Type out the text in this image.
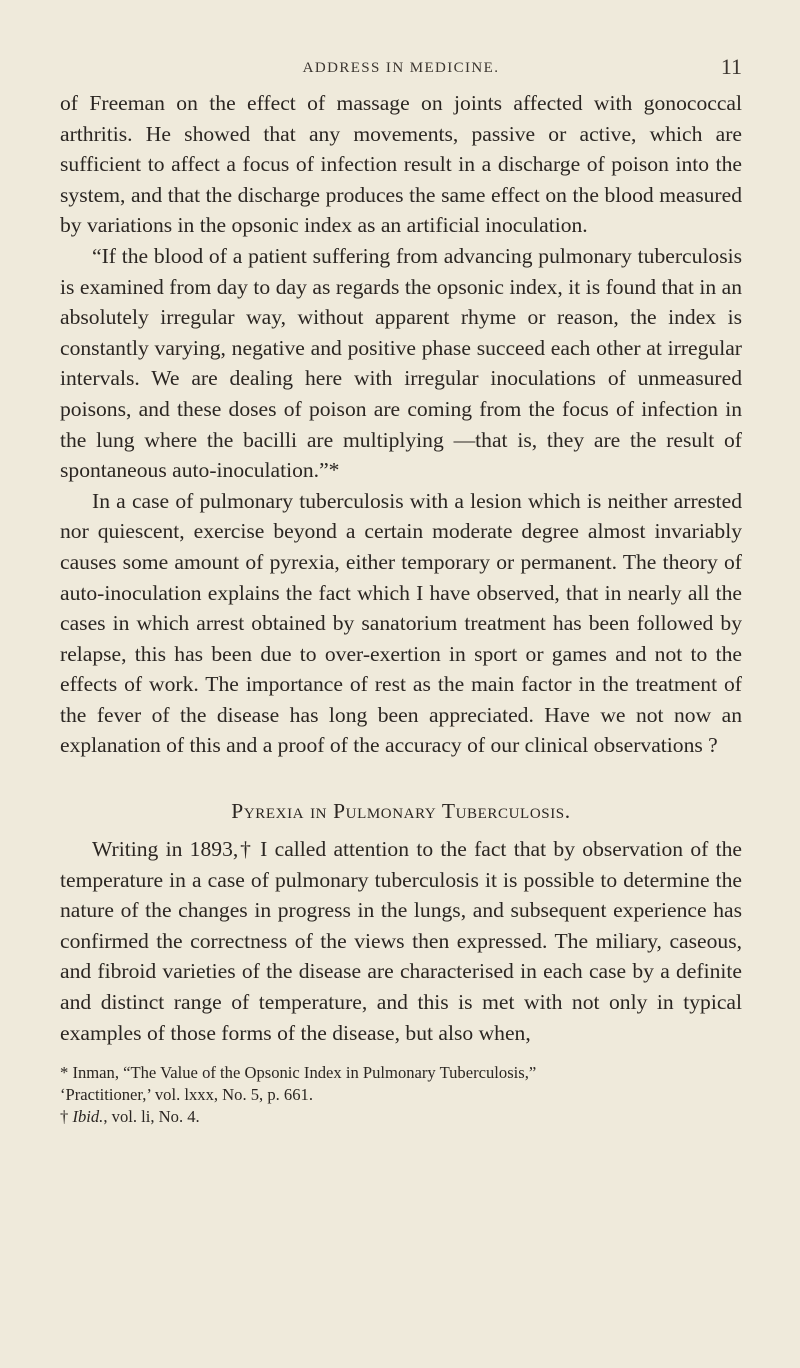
ADDRESS IN MEDICINE.	11

of Freeman on the effect of massage on joints affected with gonococcal arthritis. He showed that any movements, passive or active, which are sufficient to affect a focus of infection result in a discharge of poison into the system, and that the discharge produces the same effect on the blood measured by variations in the opsonic index as an artificial inoculation.

“If the blood of a patient suffering from advancing pulmonary tuberculosis is examined from day to day as regards the opsonic index, it is found that in an absolutely irregular way, without apparent rhyme or reason, the index is constantly varying, negative and positive phase succeed each other at irregular intervals. We are dealing here with irregular inoculations of unmeasured poisons, and these doses of poison are coming from the focus of infection in the lung where the bacilli are multiplying —that is, they are the result of spontaneous auto-inoculation.”*

In a case of pulmonary tuberculosis with a lesion which is neither arrested nor quiescent, exercise beyond a certain moderate degree almost invariably causes some amount of pyrexia, either temporary or permanent. The theory of auto-inoculation explains the fact which I have observed, that in nearly all the cases in which arrest obtained by sanatorium treatment has been followed by relapse, this has been due to over-exertion in sport or games and not to the effects of work. The importance of rest as the main factor in the treatment of the fever of the disease has long been appreciated. Have we not now an explanation of this and a proof of the accuracy of our clinical observations ?

Pyrexia in Pulmonary Tuberculosis.

Writing in 1893,† I called attention to the fact that by observation of the temperature in a case of pulmonary tuberculosis it is possible to determine the nature of the changes in progress in the lungs, and subsequent experience has confirmed the correctness of the views then expressed. The miliary, caseous, and fibroid varieties of the disease are characterised in each case by a definite and distinct range of temperature, and this is met with not only in typical examples of those forms of the disease, but also when,

* Inman, “The Value of the Opsonic Index in Pulmonary Tuberculosis,”

‘Practitioner,’ vol. lxxx, No. 5, p. 661.

† Ibid., vol. li, No. 4.
